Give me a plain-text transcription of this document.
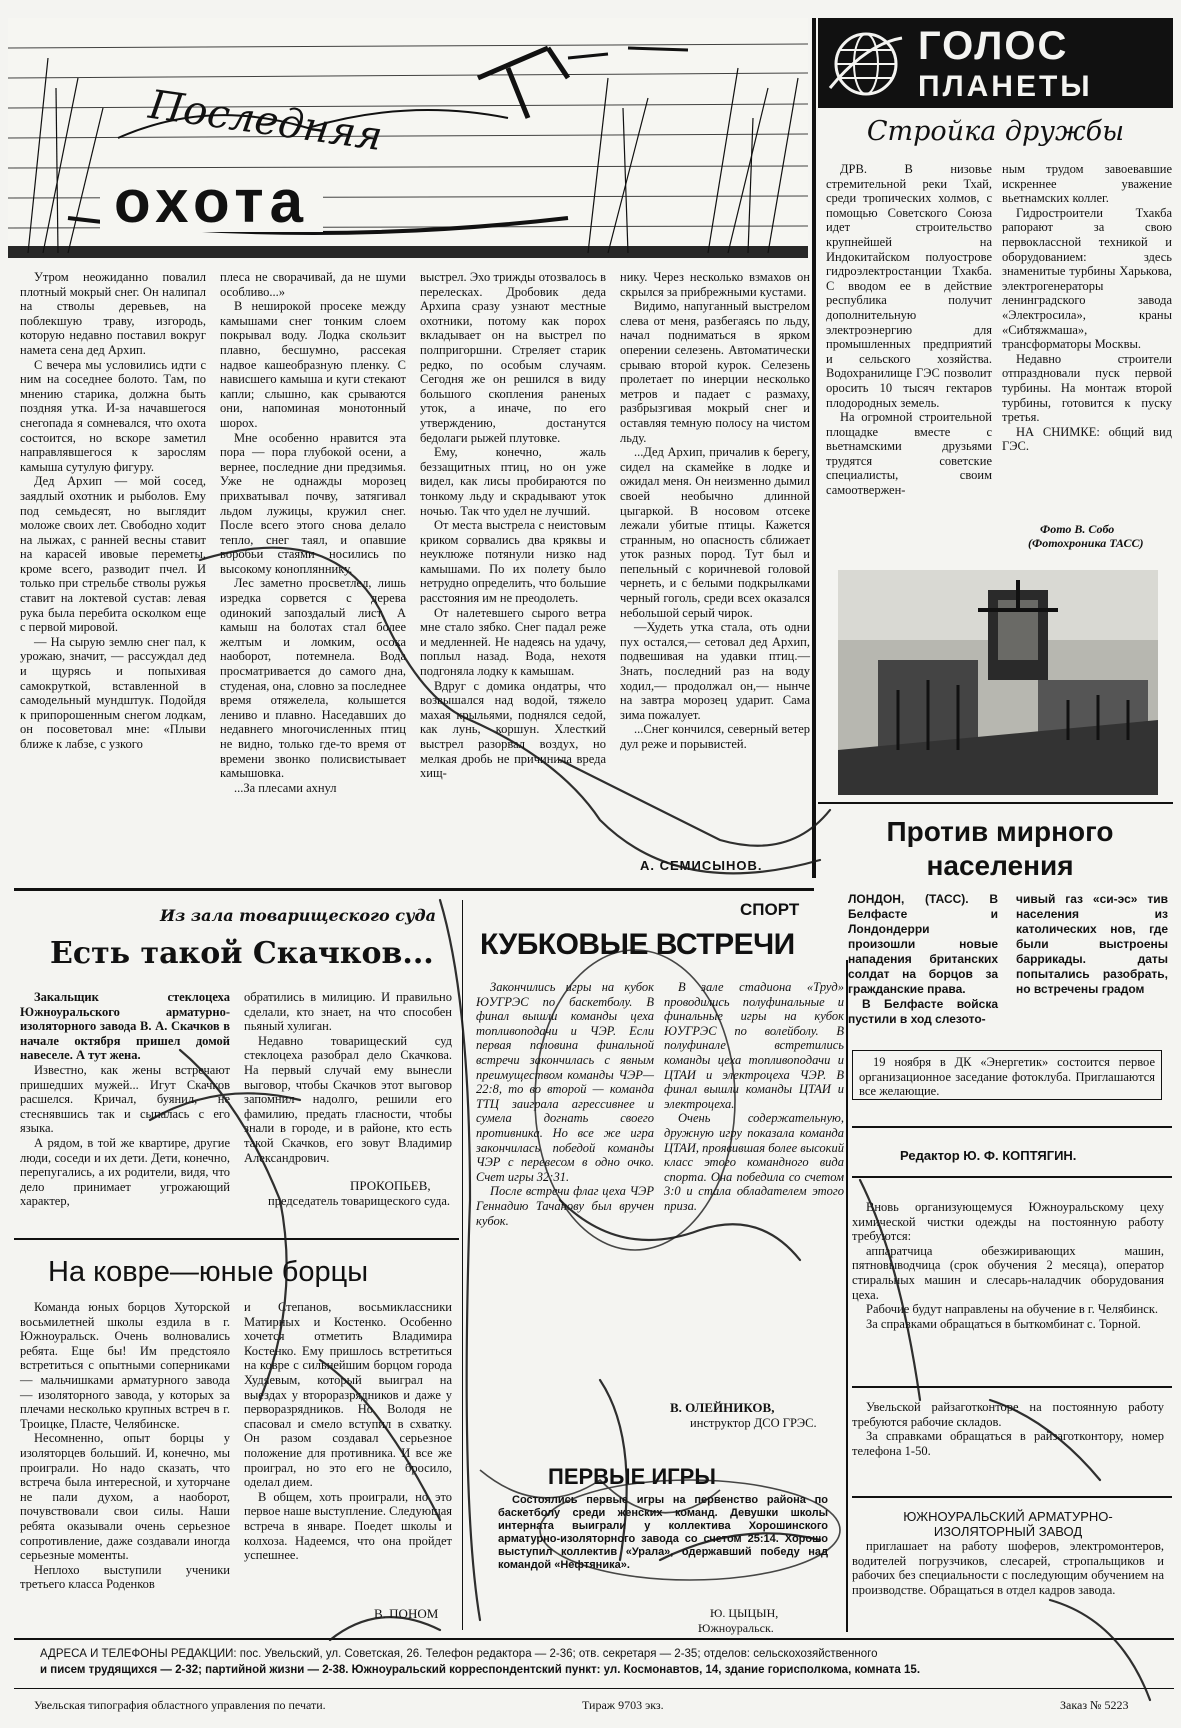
Последняя
охота

Утром неожиданно повалил плотный мокрый снег. Он налипал на стволы деревьев, на поблекшую траву, изгородь, которую недавно поставил вокруг намета сена дед Архип.

С вечера мы условились идти с ним на соседнее болото. Там, по мнению старика, должна быть поздняя утка. И-за начавшегося снегопада я сомневался, что охота состоится, но вскоре заметил направлявшегося к зарослям камыша сутулую фигуру.

Дед Архип — мой сосед, заядлый охотник и рыболов. Ему под семьдесят, но выглядит моложе своих лет. Свободно ходит на лыжах, с ранней весны ставит на карасей ивовые переметы, кроме всего, разводит пчел. И только при стрельбе стволы ружья ставит на локтевой сустав: левая рука была перебита осколком еще с первой мировой.

— На сырую землю снег пал, к урожаю, значит, — рассуждал дед и щурясь и попыхивая самокруткой, вставленной в самодельный мундштук. Подойдя к припорошенным снегом лодкам, он посоветовал мне: «Плыви ближе к лабзе, с узкого

плеса не сворачивай, да не шуми особливо...»

В неширокой просеке между камышами снег тонким слоем покрывал воду. Лодка скользит плавно, бесшумно, рассекая надвое кашеобразную пленку. С нависшего камыша и куги стекают капли; слышно, как срываются они, напоминая монотонный шорох.

Мне особенно нравится эта пора — пора глубокой осени, а вернее, последние дни предзимья. Уже не однажды морозец прихватывал почву, затягивал льдом лужицы, кружил снег. После всего этого снова делало тепло, снег таял, и опавшие воробьи стаями носились по высокому конопляннику.

Лес заметно просветлел, лишь изредка сорвется с дерева одинокий запоздалый лист. А камыш на болотах стал более желтым и ломким, осока наоборот, потемнела. Вода просматривается до самого дна, студеная, она, словно за последнее время отяжелела, колышется лениво и плавно. Наседавших до недавнего многочисленных птиц не видно, только где-то время от времени звонко полисвистывает камышовка.

...За плесами ахнул

выстрел. Эхо трижды отозвалось в перелесках. Дробовик деда Архипа сразу узнают местные охотники, потому как порох вкладывает он на выстрел по полпригоршни. Стреляет старик редко, по особым случаям. Сегодня же он решился в виду большого скопления раненых уток, а иначе, по его утверждению, достанутся бедолаги рыжей плутовке.

Ему, конечно, жаль беззащитных птиц, но он уже видел, как лисы пробираются по тонкому льду и скрадывают уток ночью. Так что удел не лучший.

От места выстрела с неистовым криком сорвались два кряквы и неуклюже потянули низко над камышами. По их полету было нетрудно определить, что большие расстояния им не преодолеть.

От налетевшего сырого ветра мне стало зябко. Снег падал реже и медленней. Не надеясь на удачу, поплыл назад. Вода, нехотя подгоняла лодку к камышам.

Вдруг с домика ондатры, что возвышался над водой, тяжело махая крыльями, поднялся седой, как лунь, коршун. Хлесткий выстрел разорвал воздух, но мелкая дробь не причинила вреда хищ-

нику. Через несколько взмахов он скрылся за прибрежными кустами.

Видимо, напуганный выстрелом слева от меня, разбегаясь по льду, начал подниматься в ярком оперении селезень. Автоматически срываю второй курок. Селезень пролетает по инерции несколько метров и падает с размаху, разбрызгивая мокрый снег и оставляя темную полосу на чистом льду.

...Дед Архип, причалив к берегу, сидел на скамейке в лодке и ожидал меня. Он неизменно дымил своей необычно длинной цыгаркой. В носовом отсеке лежали убитые птицы. Кажется странным, но опасность сближает уток разных пород. Тут был и пепельный с коричневой головой чернеть, и с белыми подкрылками черный гоголь, среди всех оказался небольшой серый чирок.

—Худеть утка стала, оть одни пух остался,— сетовал дед Архип, подвешивая на удавки птиц.— Знать, последний раз на воду ходил,— продолжал он,— нынче на завтра морозец ударит. Сама зима пожалует.

...Снег кончился, северный ветер дул реже и порывистей.

А. СЕМИСЫНОВ.
ГОЛОС
ПЛАНЕТЫ
Стройка дружбы

ДРВ. В низовье стремительной реки Тхай, среди тропических холмов, с помощью Советского Союза идет строительство крупнейшей на Индокитайском полуострове гидроэлектростанции Тхакба. С вводом ее в действие республика получит дополнительную электроэнергию для промышленных предприятий и сельского хозяйства. Водохранилище ГЭС позволит оросить 10 тысяч гектаров плодородных земель.

На огромной строительной площадке вместе с вьетнамскими друзьями трудятся советские специалисты, своим самоотвержен-

ным трудом завоевавшие искреннее уважение вьетнамских коллег.

Гидростроители Тхакба рапорают за свою первоклассной техникой и оборудованием: здесь знаменитые турбины Харькова, электрогенераторы ленинградского завода «Электросила», краны «Сибтяжмаша», трансформаторы Москвы.

Недавно строители отпраздновали пуск первой турбины. На монтаж второй турбины, готовится к пуску третья.

НА СНИМКЕ: общий вид ГЭС.

Фото В. Собо
(Фотохроника ТАСС)
Против мирного
населения

ЛОНДОН, (ТАСС). В Белфасте и Лондондерри произошли новые нападения британских солдат на борцов за гражданские права.

В Белфасте войска пустили в ход слезото-

чивый газ «си-эс» тив населения из католических нов, где были выстроены баррикады. даты попытались разобрать, но встречены градом

19 ноября в ДК «Энергетик» состоится первое организационное заседание фотоклуба. Приглашаются все желающие.

Редактор Ю. Ф. КОПТЯГИН.

Вновь организующемуся Южноуральскому цеху химической чистки одежды на постоянную работу требуются:

аппаратчица обезжиривающих машин, пятновыводчица (срок обучения 2 месяца), оператор стиральных машин и слесарь-наладчик оборудования цеха.

Рабочие будут направлены на обучение в г. Челябинск.

За справками обращаться в быткомбинат с. Торной.

Увельской райзаготконторе на постоянную работу требуются рабочие складов.

За справками обращаться в райзаготконтору, номер телефона 1-50.

ЮЖНОУРАЛЬСКИЙ АРМАТУРНО-

ИЗОЛЯТОРНЫЙ ЗАВОД

приглашает на работу шоферов, электромонтеров, водителей погрузчиков, слесарей, стропальщиков и рабочих без специальности с последующим обучением на производстве. Обращаться в отдел кадров завода.

Из зала товарищеского суда
Есть такой Скачков...

Закальщик стеклоцеха Южноуральского арматурно-изоляторного завода В. А. Скачков в начале октября пришел домой навеселе. А тут жена.

Известно, как жены встречают пришедших мужей... Игут Скачков расшелся. Кричал, буянил, не стеснявшись так и сыпалась с его языка.

А рядом, в той же квартире, другие люди, соседи и их дети. Дети, конечно, перепугались, а их родители, видя, что дело принимает угрожающий характер,

обратились в милицию. И правильно сделали, кто знает, на что способен пьяный хулиган.

Недавно товарищеский суд стеклоцеха разобрал дело Скачкова. На первый случай ему вынесли выговор, чтобы Скачков этот выговор запомнил надолго, решили его фамилию, предать гласности, чтобы знали в городе, и в районе, кто есть такой Скачков, его зовут Владимир Александрович.

ПРОКОПЬЕВ,
председатель товарищеского суда.
На ковре—юные борцы

Команда юных борцов Хуторской восьмилетней школы ездила в г. Южноуральск. Очень волновались ребята. Еще бы! Им предстояло встретиться с опытными соперниками — мальчишками арматурного завода — изоляторного завода, у которых за плечами несколько крупных встреч в г. Троицке, Пласте, Челябинске.

Несомненно, опыт борцы у изоляторцев больший. И, конечно, мы проиграли. Но надо сказать, что встреча была интересной, и хуторчане не пали духом, а наоборот, почувствовали свои силы. Наши ребята оказывали очень серьезное сопротивление, даже создавали иногда серьезные моменты.

Неплохо выступили ученики третьего класса Роденков

и Степанов, восьмиклассники Матирных и Костенко. Особенно хочется отметить Владимира Костенко. Ему пришлось встретиться на ковре с сильнейшим борцом города Худяевым, который выиграл на выездах у второразрядников и даже у перворазрядников. Но Володя не спасовал и смело вступил в схватку. Он разом создавал серьезное положение для противника. И все же проиграл, но это его не бросило, оделал дием.

В общем, хоть проиграли, но это первое наше выступление. Следующая встреча в январе. Поедет школы и колхоза. Надеемся, что она пройдет успешнее.

В. ПОНОМ
СПОРТ
КУБКОВЫЕ ВСТРЕЧИ

Закончились игры на кубок ЮУГРЭС по баскетболу. В финал вышли команды цеха топливоподачи и ЧЭР. Если первая половина финальной встречи закончилась с явным преимуществом команды ЧЭР—22:8, то во второй — команда ТТЦ заиграла агрессивнее и сумела догнать своего противника. Но все же игра закончилась победой команды ЧЭР с перевесом в одно очко. Счет игры 32:31.

После встречи флаг цеха ЧЭР Геннадию Тачанову был вручен кубок.

В зале стадиона «Труд» проводились полуфинальные и финальные игры на кубок ЮУГРЭС по волейболу. В полуфинале встретились команды цеха топливоподачи и ЦТАИ и электроцеха ЧЭР. В финал вышли команды ЦТАИ и электроцеха.

Очень содержательную, дружную игру показала команда ЦТАИ, проявившая более высокий класс этого командного вида спорта. Она победила со счетом 3:0 и стала обладателем этого приза.

В. ОЛЕЙНИКОВ,
инструктор ДСО ГРЭС.
ПЕРВЫЕ ИГРЫ

Состоялись первые игры на первенство района по баскетболу среди женских команд. Девушки школы интерната выиграли у коллектива Хорошинского арматурно-изоляторного завода со счетом 25:14. Хорошо выступил коллектив «Урала», одержавший победу над командой «Нефтяника».

Ю. ЦЫЦЫН,
Южноуральск.
АДРЕСА И ТЕЛЕФОНЫ РЕДАКЦИИ: пос. Увельский, ул. Советская, 26. Телефон редактора — 2-36; отв. секретаря — 2-35; отделов: сельскохозяйственного
и писем трудящихся — 2-32; партийной жизни — 2-38. Южноуральский корреспондентский пункт: ул. Космонавтов, 14, здание горисполкома, комната 15.
Увельская типография областного управления по печати.	Тираж 9703 экз.	Заказ № 5223
